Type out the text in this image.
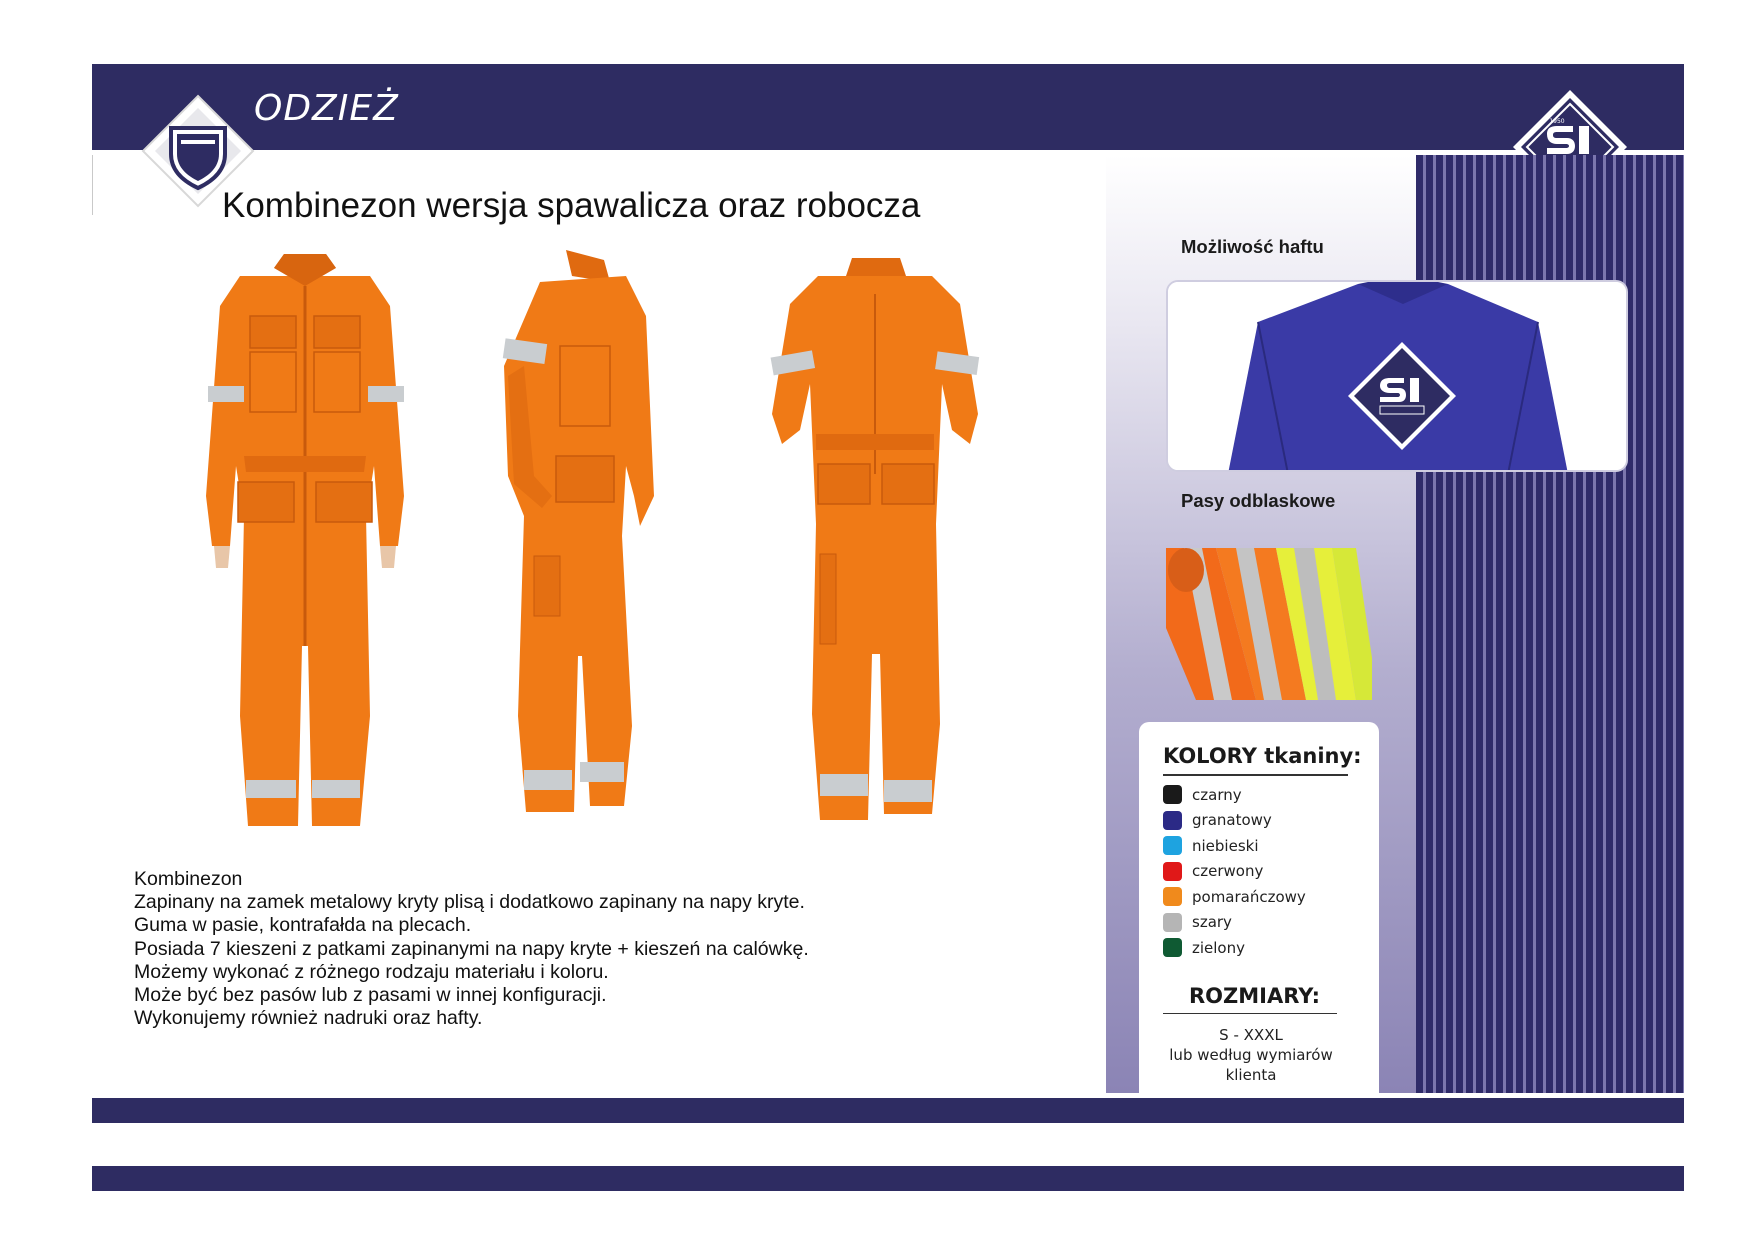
ODZIEŻ	1950
Kombinezon wersja spawalicza oraz robocza
Kombinezon
Zapinany na zamek metalowy kryty plisą i dodatkowo zapinany na napy kryte.
Guma w pasie, kontrafałda na plecach.
Posiada 7 kieszeni z patkami zapinanymi na napy kryte + kieszeń na calówkę.
Możemy wykonać z różnego rodzaju materiału i koloru.
Może być bez pasów lub z pasami w innej konfiguracji.
Wykonujemy również nadruki oraz hafty.
Możliwość haftu
Pasy odblaskowe
KOLORY tkaniny:
czarny
granatowy
niebieski
czerwony
pomarańczowy
szary
zielony
ROZMIARY:
S - XXXL
lub według wymiarów
klienta
